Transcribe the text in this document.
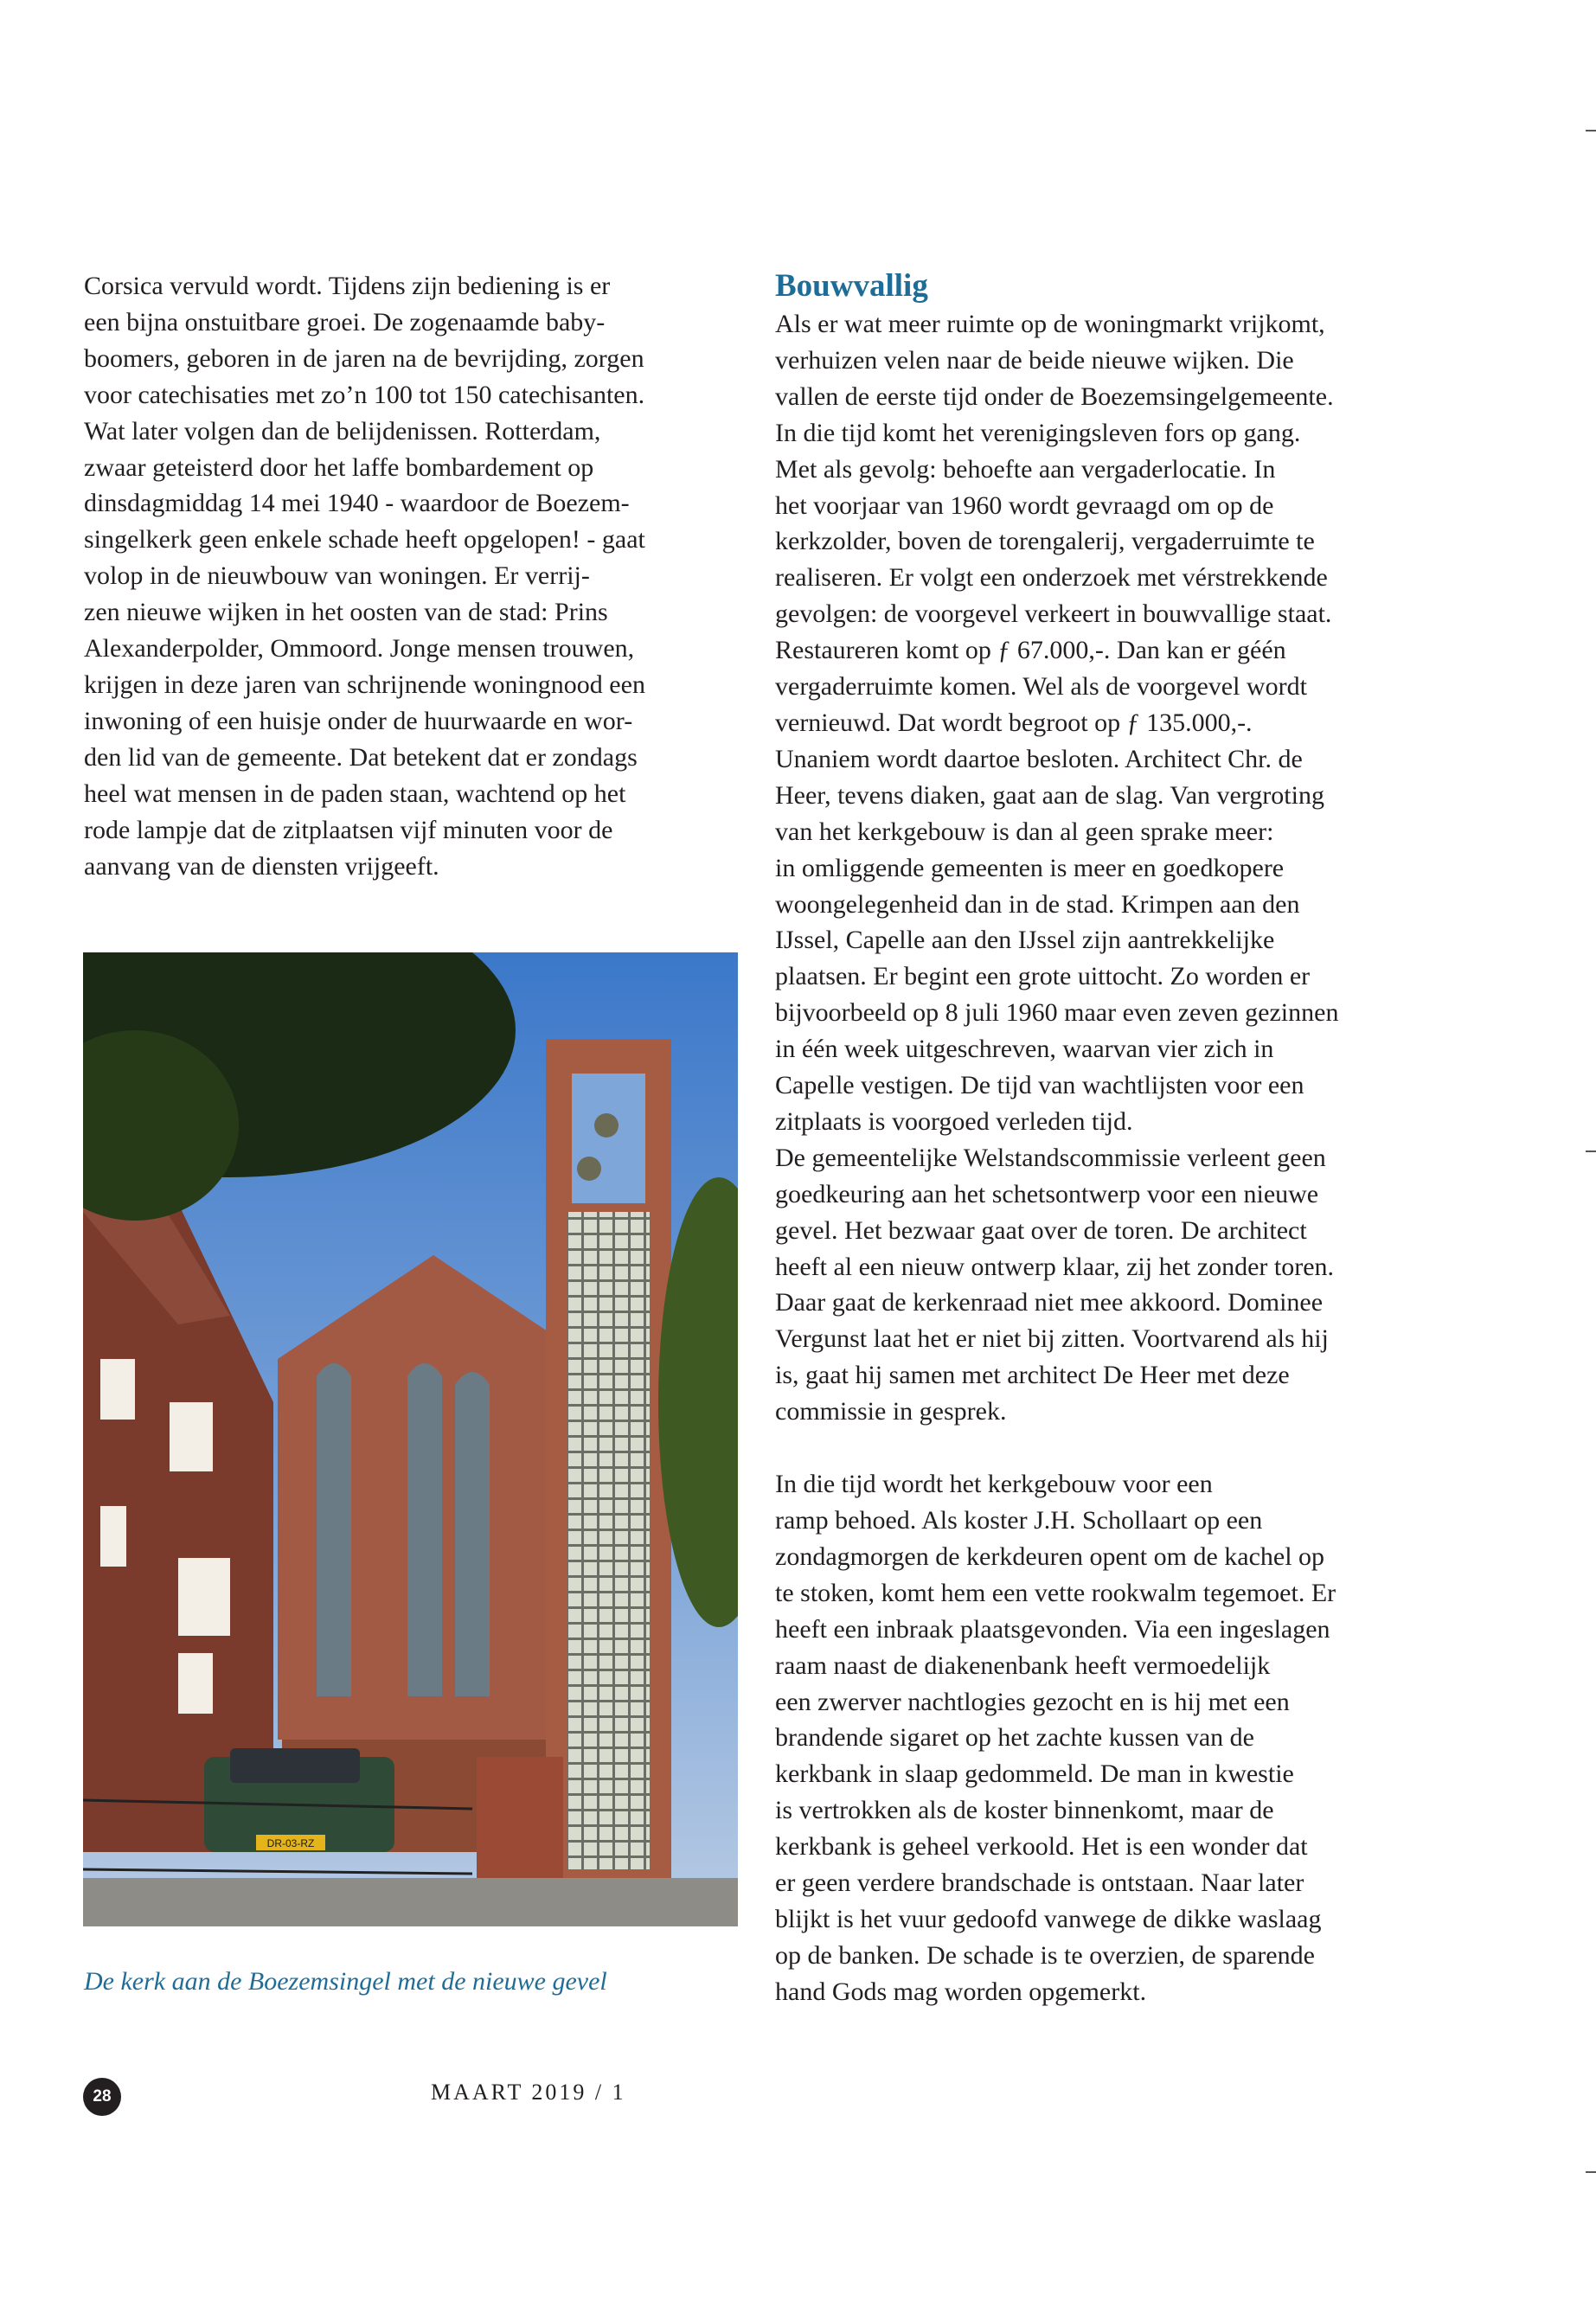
Corsica vervuld wordt. Tijdens zijn bediening is er
een bijna onstuitbare groei. De zogenaamde baby-
boomers, geboren in de jaren na de bevrijding, zorgen
voor catechisaties met zo’n 100 tot 150 catechisanten.
Wat later volgen dan de belijdenissen. Rotterdam,
zwaar geteisterd door het laffe bombardement op
dinsdagmiddag 14 mei 1940 - waardoor de Boezem-
singelkerk geen enkele schade heeft opgelopen! - gaat
volop in de nieuwbouw van woningen. Er verrij-
zen nieuwe wijken in het oosten van de stad: Prins
Alexanderpolder, Ommoord. Jonge mensen trouwen,
krijgen in deze jaren van schrijnende woningnood een
inwoning of een huisje onder de huurwaarde en wor-
den lid van de gemeente. Dat betekent dat er zondags
heel wat mensen in de paden staan, wachtend op het
rode lampje dat de zitplaatsen vijf minuten voor de
aanvang van de diensten vrijgeeft.

DR-03-RZ

De kerk aan de Boezemsingel met de nieuwe gevel

Bouwvallig

Als er wat meer ruimte op de woningmarkt vrijkomt,
verhuizen velen naar de beide nieuwe wijken. Die
vallen de eerste tijd onder de Boezemsingelgemeente.
In die tijd komt het verenigingsleven fors op gang.
Met als gevolg: behoefte aan vergaderlocatie. In
het voorjaar van 1960 wordt gevraagd om op de
kerkzolder, boven de torengalerij, vergaderruimte te
realiseren. Er volgt een onderzoek met vérstrekkende
gevolgen: de voorgevel verkeert in bouwvallige staat.
Restaureren komt op ƒ 67.000,-. Dan kan er géén
vergaderruimte komen. Wel als de voorgevel wordt
vernieuwd. Dat wordt begroot op ƒ 135.000,-.
Unaniem wordt daartoe besloten. Architect Chr. de
Heer, tevens diaken, gaat aan de slag. Van vergroting
van het kerkgebouw is dan al geen sprake meer:
in omliggende gemeenten is meer en goedkopere
woongelegenheid dan in de stad. Krimpen aan den
IJssel, Capelle aan den IJssel zijn aantrekkelijke
plaatsen. Er begint een grote uittocht. Zo worden er
bijvoorbeeld op 8 juli 1960 maar even zeven gezinnen
in één week uitgeschreven, waarvan vier zich in
Capelle vestigen. De tijd van wachtlijsten voor een
zitplaats is voorgoed verleden tijd.
De gemeentelijke Welstandscommissie verleent geen
goedkeuring aan het schetsontwerp voor een nieuwe
gevel. Het bezwaar gaat over de toren. De architect
heeft al een nieuw ontwerp klaar, zij het zonder toren.
Daar gaat de kerkenraad niet mee akkoord. Dominee
Vergunst laat het er niet bij zitten. Voortvarend als hij
is, gaat hij samen met architect De Heer met deze
commissie in gesprek.

In die tijd wordt het kerkgebouw voor een
ramp behoed. Als koster J.H. Schollaart op een
zondagmorgen de kerkdeuren opent om de kachel op
te stoken, komt hem een vette rookwalm tegemoet. Er
heeft een inbraak plaatsgevonden. Via een ingeslagen
raam naast de diakenenbank heeft vermoedelijk
een zwerver nachtlogies gezocht en is hij met een
brandende sigaret op het zachte kussen van de
kerkbank in slaap gedommeld. De man in kwestie
is vertrokken als de koster binnenkomt, maar de
kerkbank is geheel verkoold. Het is een wonder dat
er geen verdere brandschade is ontstaan. Naar later
blijkt is het vuur gedoofd vanwege de dikke waslaag
op de banken. De schade is te overzien, de sparende
hand Gods mag worden opgemerkt.

28	MAART 2019 / 1
